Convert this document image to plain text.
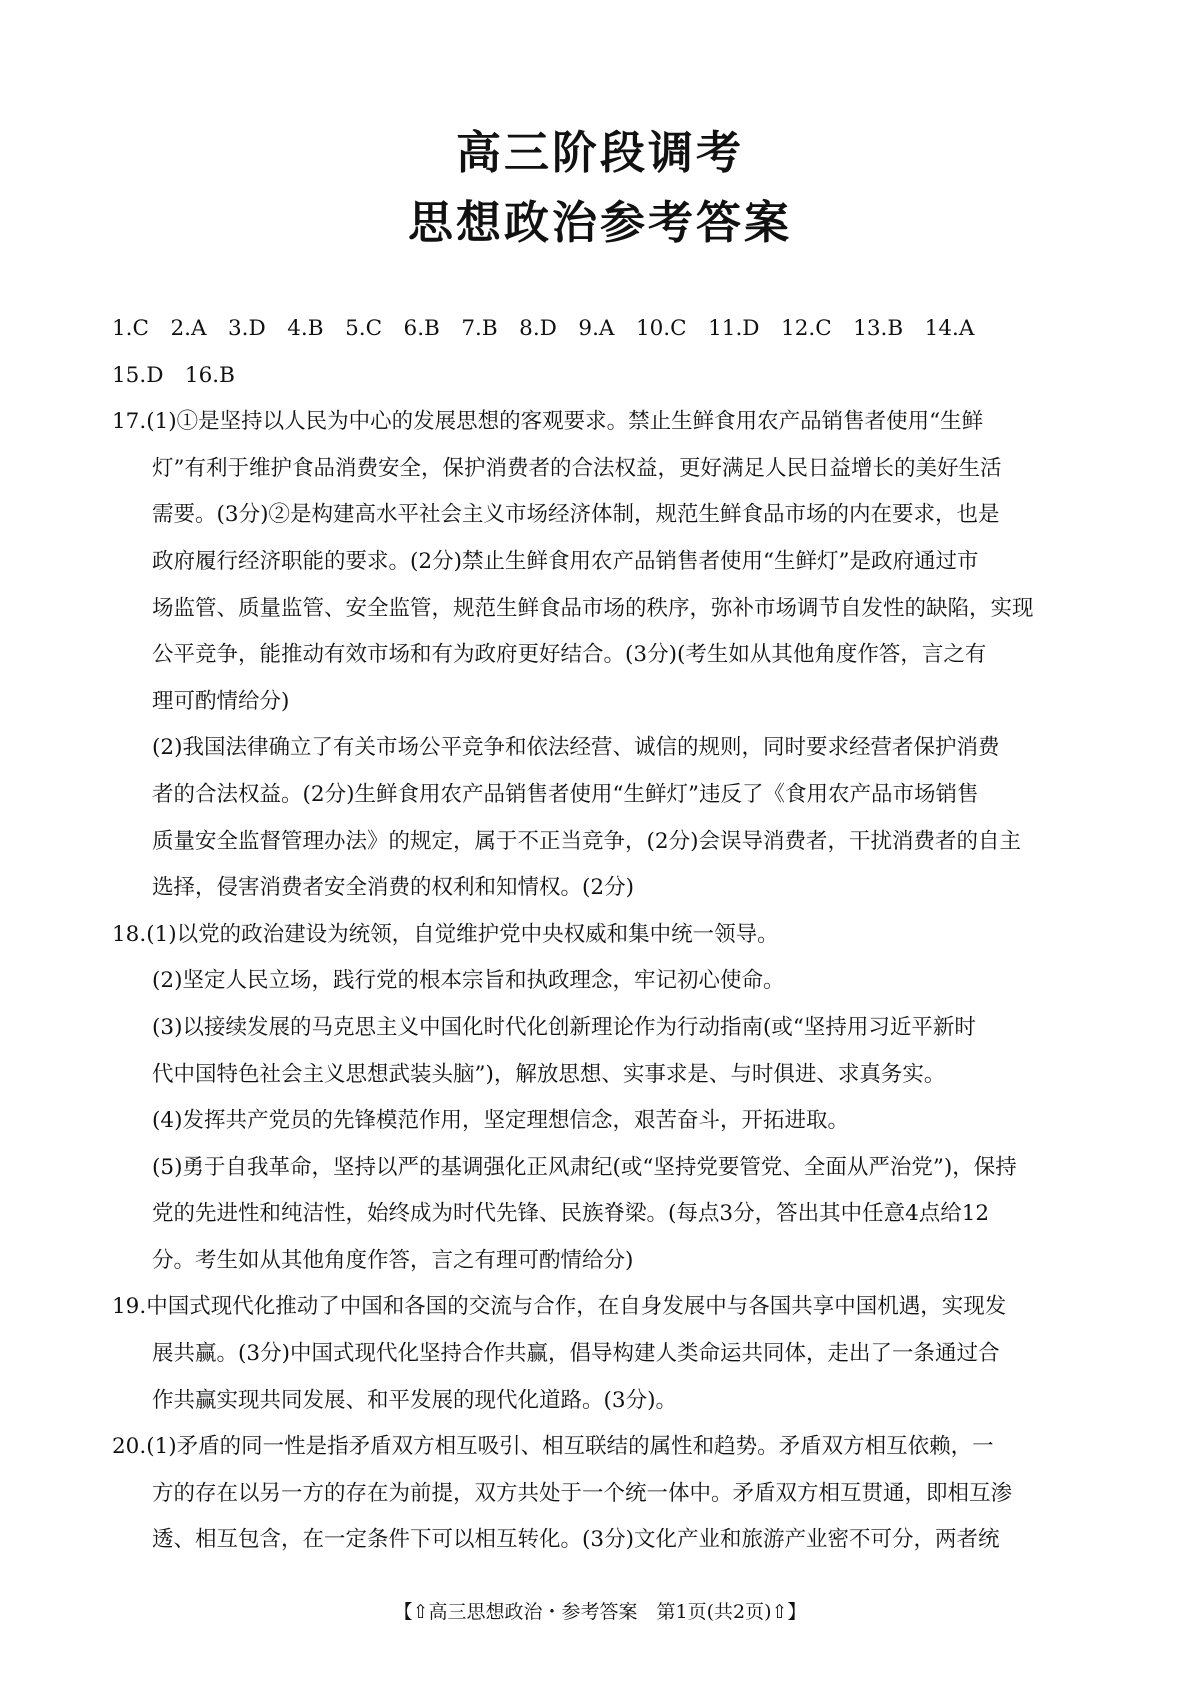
高三阶段调考
思想政治参考答案
1.C　2.A　3.D　4.B　5.C　6.B　7.B　8.D　9.A　10.C　11.D　12.C　13.B　14.A
15.D　16.B
17.(1)①是坚持以人民为中心的发展思想的客观要求。禁止生鲜食用农产品销售者使用“生鲜
灯”有利于维护食品消费安全，保护消费者的合法权益，更好满足人民日益增长的美好生活
需要。(3分)②是构建高水平社会主义市场经济体制，规范生鲜食品市场的内在要求，也是
政府履行经济职能的要求。(2分)禁止生鲜食用农产品销售者使用“生鲜灯”是政府通过市
场监管、质量监管、安全监管，规范生鲜食品市场的秩序，弥补市场调节自发性的缺陷，实现
公平竞争，能推动有效市场和有为政府更好结合。(3分)(考生如从其他角度作答，言之有
理可酌情给分)
(2)我国法律确立了有关市场公平竞争和依法经营、诚信的规则，同时要求经营者保护消费
者的合法权益。(2分)生鲜食用农产品销售者使用“生鲜灯”违反了《食用农产品市场销售
质量安全监督管理办法》的规定，属于不正当竞争，(2分)会误导消费者，干扰消费者的自主
选择，侵害消费者安全消费的权利和知情权。(2分)
18.(1)以党的政治建设为统领，自觉维护党中央权威和集中统一领导。
(2)坚定人民立场，践行党的根本宗旨和执政理念，牢记初心使命。
(3)以接续发展的马克思主义中国化时代化创新理论作为行动指南(或“坚持用习近平新时
代中国特色社会主义思想武装头脑”)，解放思想、实事求是、与时俱进、求真务实。
(4)发挥共产党员的先锋模范作用，坚定理想信念，艰苦奋斗，开拓进取。
(5)勇于自我革命，坚持以严的基调强化正风肃纪(或“坚持党要管党、全面从严治党”)，保持
党的先进性和纯洁性，始终成为时代先锋、民族脊梁。(每点3分，答出其中任意4点给12
分。考生如从其他角度作答，言之有理可酌情给分)
19.中国式现代化推动了中国和各国的交流与合作，在自身发展中与各国共享中国机遇，实现发
展共赢。(3分)中国式现代化坚持合作共赢，倡导构建人类命运共同体，走出了一条通过合
作共赢实现共同发展、和平发展的现代化道路。(3分)。
20.(1)矛盾的同一性是指矛盾双方相互吸引、相互联结的属性和趋势。矛盾双方相互依赖，一
方的存在以另一方的存在为前提，双方共处于一个统一体中。矛盾双方相互贯通，即相互渗
透、相互包含，在一定条件下可以相互转化。(3分)文化产业和旅游产业密不可分，两者统
【⇧高三思想政治・参考答案　第1页(共2页)⇧】
